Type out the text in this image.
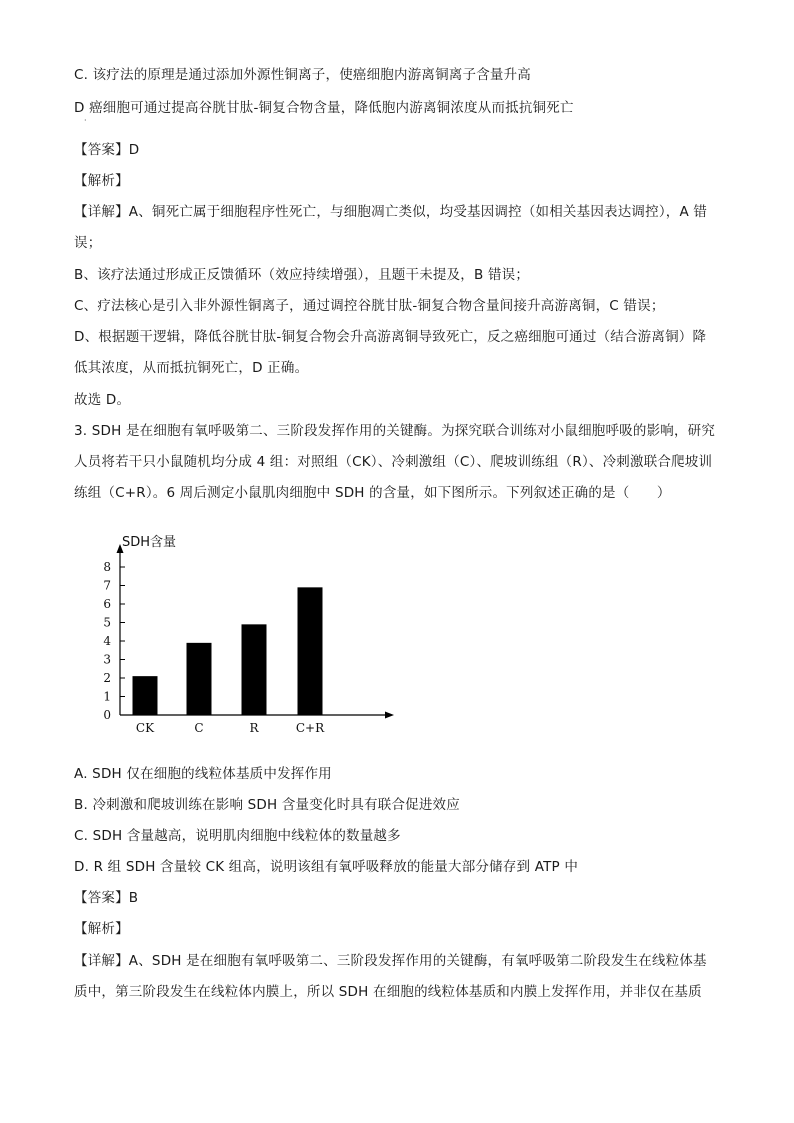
C. 该疗法的原理是通过添加外源性铜离子，使癌细胞内游离铜离子含量升高
D 癌细胞可通过提高谷胱甘肽-铜复合物含量，降低胞内游离铜浓度从而抵抗铜死亡
·
【答案】D
【解析】
【详解】A、铜死亡属于细胞程序性死亡，与细胞凋亡类似，均受基因调控（如相关基因表达调控），A 错
误；
B、该疗法通过形成正反馈循环（效应持续增强），且题干未提及，B 错误；
C、疗法核心是引入非外源性铜离子，通过调控谷胱甘肽-铜复合物含量间接升高游离铜，C 错误；
D、根据题干逻辑，降低谷胱甘肽-铜复合物会升高游离铜导致死亡，反之癌细胞可通过（结合游离铜）降
低其浓度，从而抵抗铜死亡，D 正确。
故选 D。
3. SDH 是在细胞有氧呼吸第二、三阶段发挥作用的关键酶。为探究联合训练对小鼠细胞呼吸的影响，研究
人员将若干只小鼠随机均分成 4 组：对照组（CK）、冷刺激组（C）、爬坡训练组（R）、冷刺激联合爬坡训
练组（C+R）。6 周后测定小鼠肌肉细胞中 SDH 的含量，如下图所示。下列叙述正确的是（　　）
SDH含量
0
1
2
3
4
5
6
7
8
CK	C	R	C+R
A. SDH 仅在细胞的线粒体基质中发挥作用
B. 冷刺激和爬坡训练在影响 SDH 含量变化时具有联合促进效应
C. SDH 含量越高，说明肌肉细胞中线粒体的数量越多
D. R 组 SDH 含量较 CK 组高，说明该组有氧呼吸释放的能量大部分储存到 ATP 中
【答案】B
【解析】
【详解】A、SDH 是在细胞有氧呼吸第二、三阶段发挥作用的关键酶，有氧呼吸第二阶段发生在线粒体基
质中，第三阶段发生在线粒体内膜上，所以 SDH 在细胞的线粒体基质和内膜上发挥作用，并非仅在基质
